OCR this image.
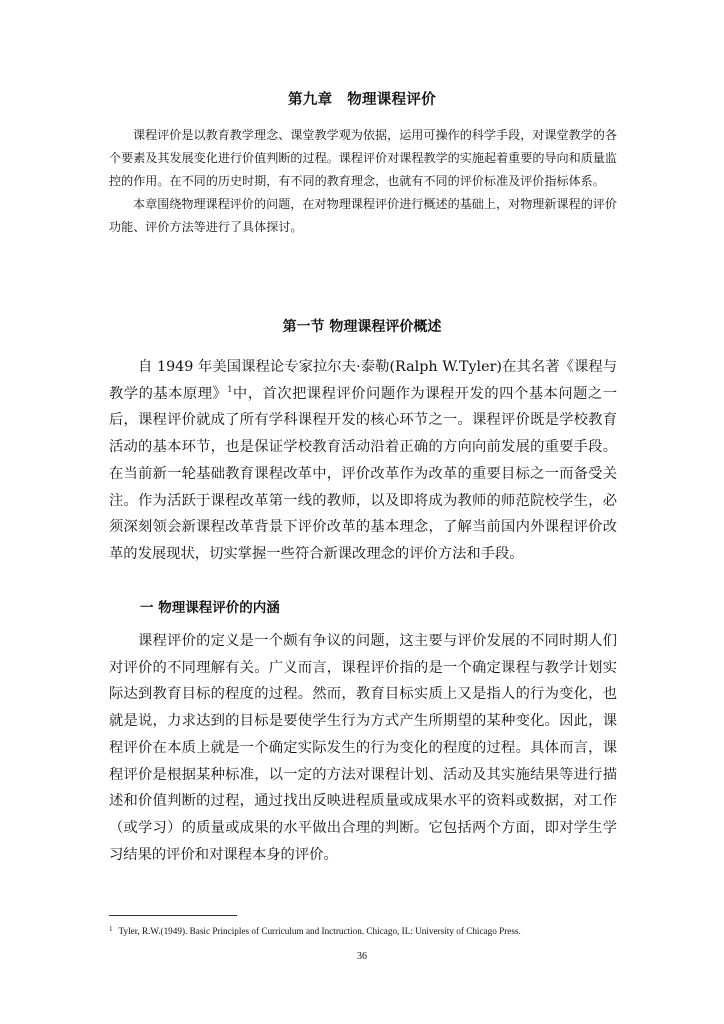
第九章　物理课程评价

课程评价是以教育教学理念、课堂教学观为依据，运用可操作的科学手段，对课堂教学的各个要素及其发展变化进行价值判断的过程。课程评价对课程教学的实施起着重要的导向和质量监控的作用。在不同的历史时期，有不同的教育理念，也就有不同的评价标准及评价指标体系。

本章围绕物理课程评价的问题，在对物理课程评价进行概述的基础上，对物理新课程的评价功能、评价方法等进行了具体探讨。

第一节 物理课程评价概述

自 1949 年美国课程论专家拉尔夫·泰勒(Ralph W.Tyler)在其名著《课程与教学的基本原理》$^1$中，首次把课程评价问题作为课程开发的四个基本问题之一后，课程评价就成了所有学科课程开发的核心环节之一。课程评价既是学校教育活动的基本环节，也是保证学校教育活动沿着正确的方向向前发展的重要手段。在当前新一轮基础教育课程改革中，评价改革作为改革的重要目标之一而备受关注。作为活跃于课程改革第一线的教师，以及即将成为教师的师范院校学生，必须深刻领会新课程改革背景下评价改革的基本理念，了解当前国内外课程评价改革的发展现状，切实掌握一些符合新课改理念的评价方法和手段。

一 物理课程评价的内涵

课程评价的定义是一个颇有争议的问题，这主要与评价发展的不同时期人们对评价的不同理解有关。广义而言，课程评价指的是一个确定课程与教学计划实际达到教育目标的程度的过程。然而，教育目标实质上又是指人的行为变化，也就是说，力求达到的目标是要使学生行为方式产生所期望的某种变化。因此，课程评价在本质上就是一个确定实际发生的行为变化的程度的过程。具体而言，课程评价是根据某种标准，以一定的方法对课程计划、活动及其实施结果等进行描述和价值判断的过程，通过找出反映进程质量或成果水平的资料或数据，对工作（或学习）的质量或成果的水平做出合理的判断。它包括两个方面，即对学生学习结果的评价和对课程本身的评价。

$^1$ Tyler, R.W.(1949). Basic Principles of Curriculum and Inctruction. Chicago, IL: University of Chicago Press.
36
